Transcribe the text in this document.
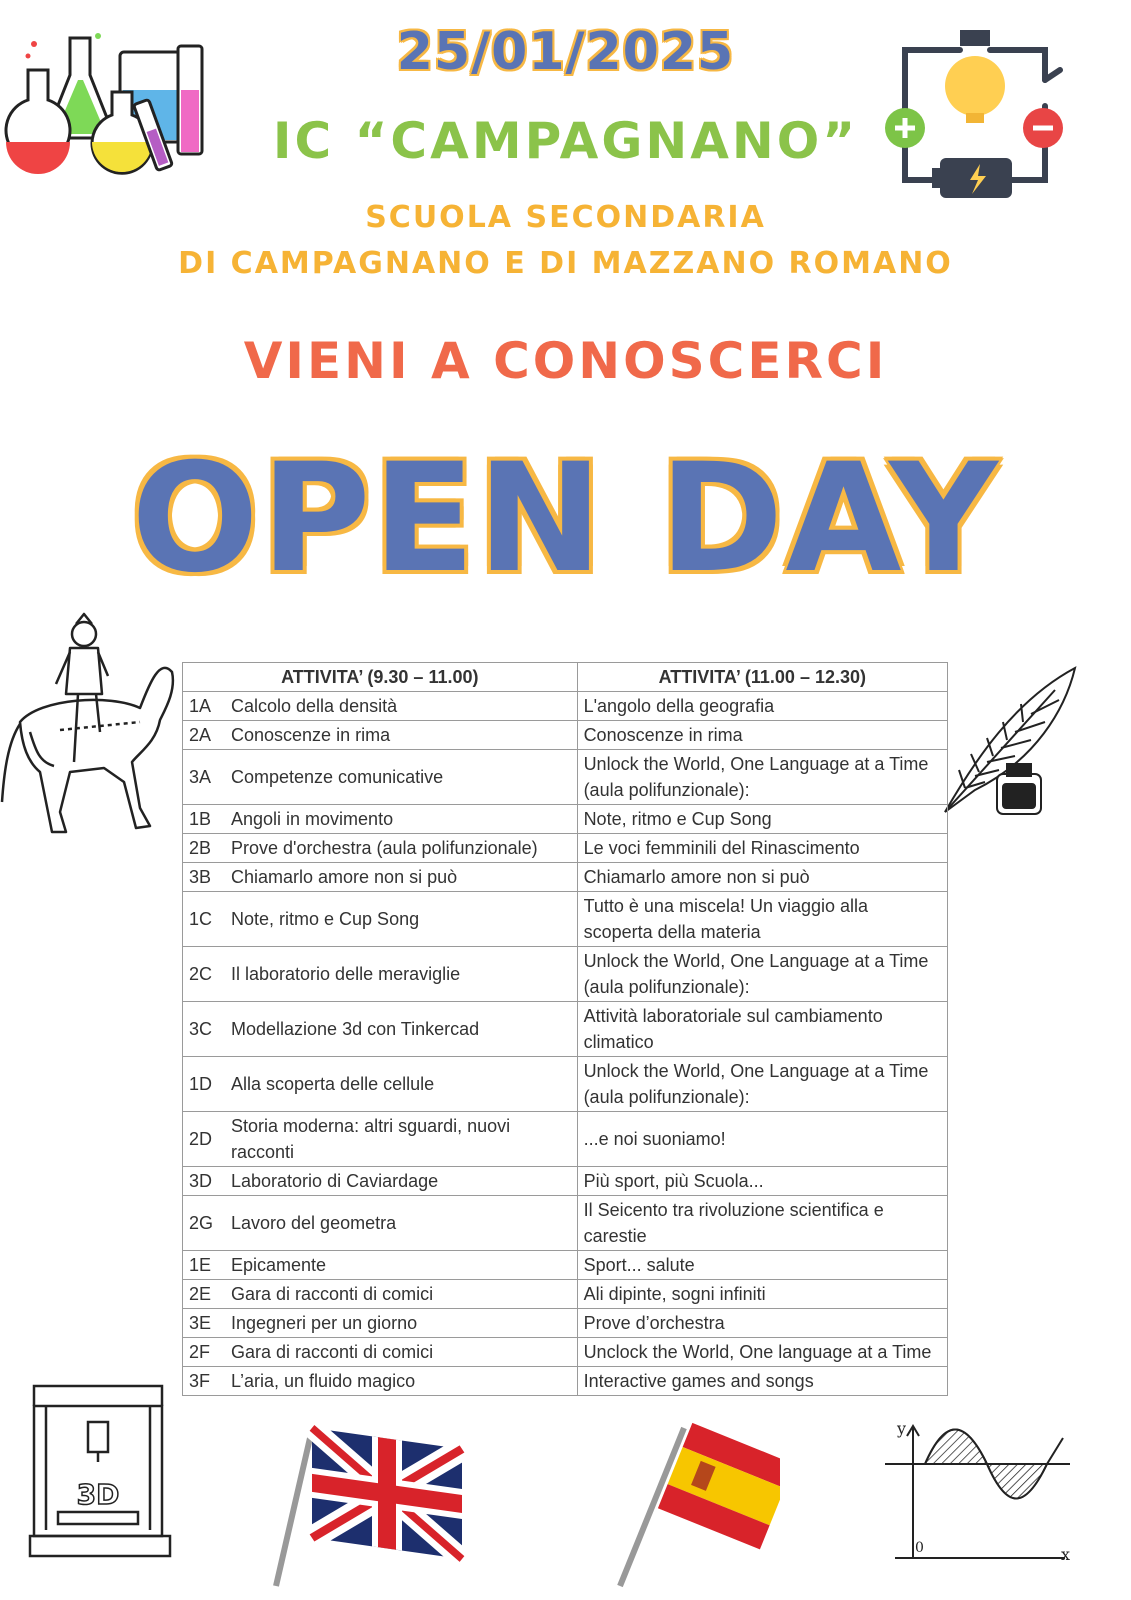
25/01/2025
IC “CAMPAGNANO”
SCUOLA SECONDARIA
DI CAMPAGNANO E DI MAZZANO ROMANO
VIENI A CONOSCERCI
OPEN DAY
ATTIVITA’ (9.30 – 11.00)		ATTIVITA’ (11.00 – 12.30)
1A	Calcolo della densità	L'angolo della geografia
2A	Conoscenze in rima	Conoscenze in rima
3A	Competenze comunicative	Unlock the World, One Language at a Time (aula polifunzionale):
1B	Angoli in movimento	Note, ritmo e Cup Song
2B	Prove d'orchestra (aula polifunzionale)	Le voci femminili del Rinascimento
3B	Chiamarlo amore non si può	Chiamarlo amore non si può
1C	Note, ritmo e Cup Song	Tutto è una miscela! Un viaggio alla scoperta della materia
2C	Il laboratorio delle meraviglie	Unlock the World, One Language at a Time (aula polifunzionale):
3C	Modellazione 3d con Tinkercad	Attività laboratoriale sul cambiamento climatico
1D	Alla scoperta delle cellule	Unlock the World, One Language at a Time (aula polifunzionale):
2D	Storia moderna: altri sguardi, nuovi racconti	...e noi suoniamo!
3D	Laboratorio di Caviardage	Più sport, più Scuola...
2G	Lavoro del geometra	Il Seicento tra rivoluzione scientifica e carestie
1E	Epicamente	Sport... salute
2E	Gara di racconti di comici	Ali dipinte, sogni infiniti
3E	Ingegneri per un giorno	Prove d’orchestra
2F	Gara di racconti di comici	Unclock the World, One language at a Time
3F	L’aria, un fluido magico	Interactive games and songs
3D
y
x
0
